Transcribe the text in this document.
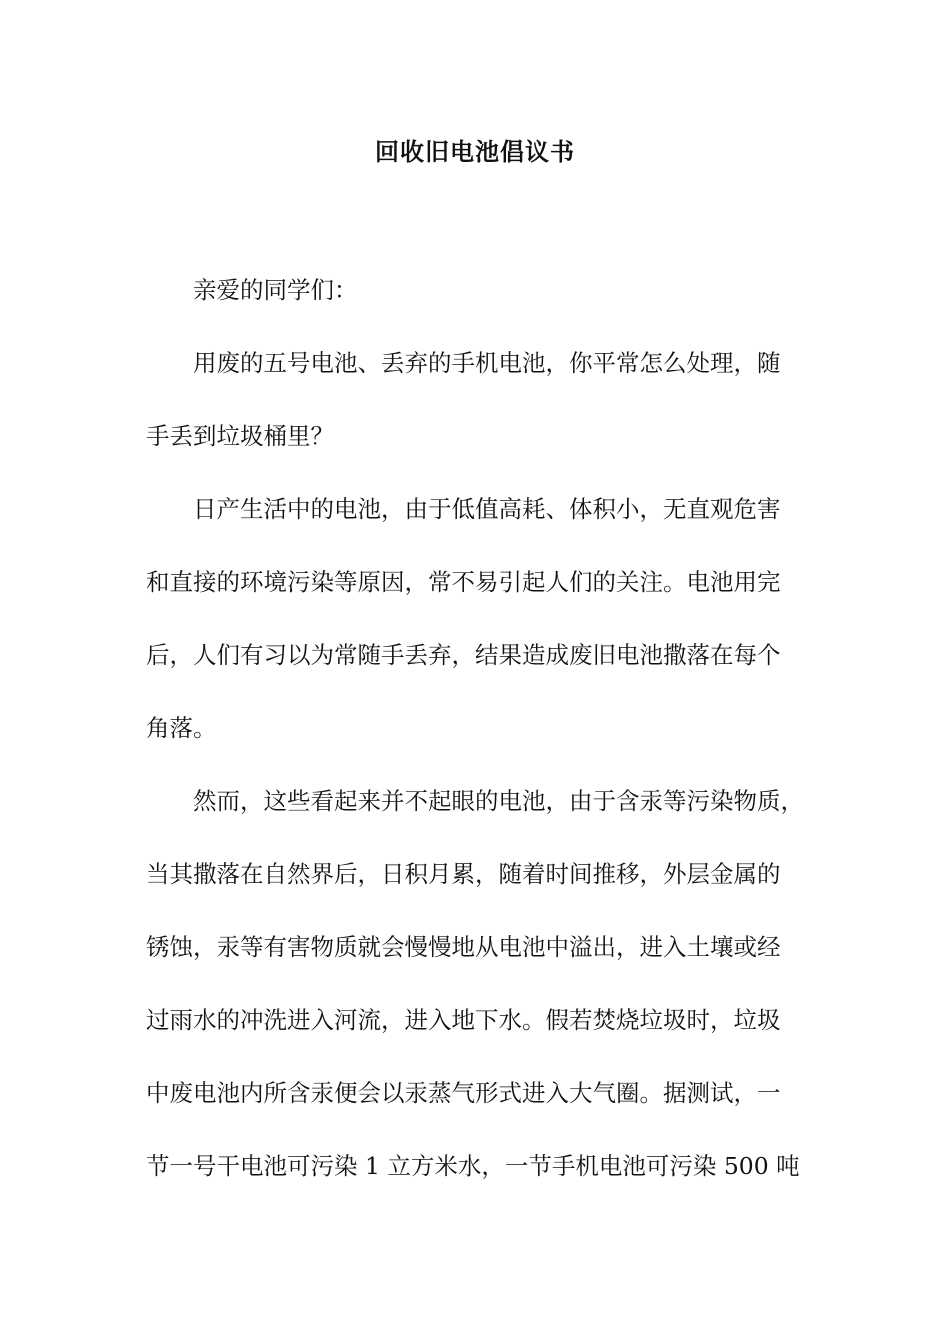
回收旧电池倡议书

亲爱的同学们：

用废的五号电池、丢弃的手机电池，你平常怎么处理，随

手丢到垃圾桶里？

日产生活中的电池，由于低值高耗、体积小，无直观危害

和直接的环境污染等原因，常不易引起人们的关注。电池用完

后，人们有习以为常随手丢弃，结果造成废旧电池撒落在每个

角落。

然而，这些看起来并不起眼的电池，由于含汞等污染物质，

当其撒落在自然界后，日积月累，随着时间推移，外层金属的

锈蚀，汞等有害物质就会慢慢地从电池中溢出，进入土壤或经

过雨水的冲洗进入河流，进入地下水。假若焚烧垃圾时，垃圾

中废电池内所含汞便会以汞蒸气形式进入大气圈。据测试，一

节一号干电池可污染 1 立方米水，一节手机电池可污染 500 吨
